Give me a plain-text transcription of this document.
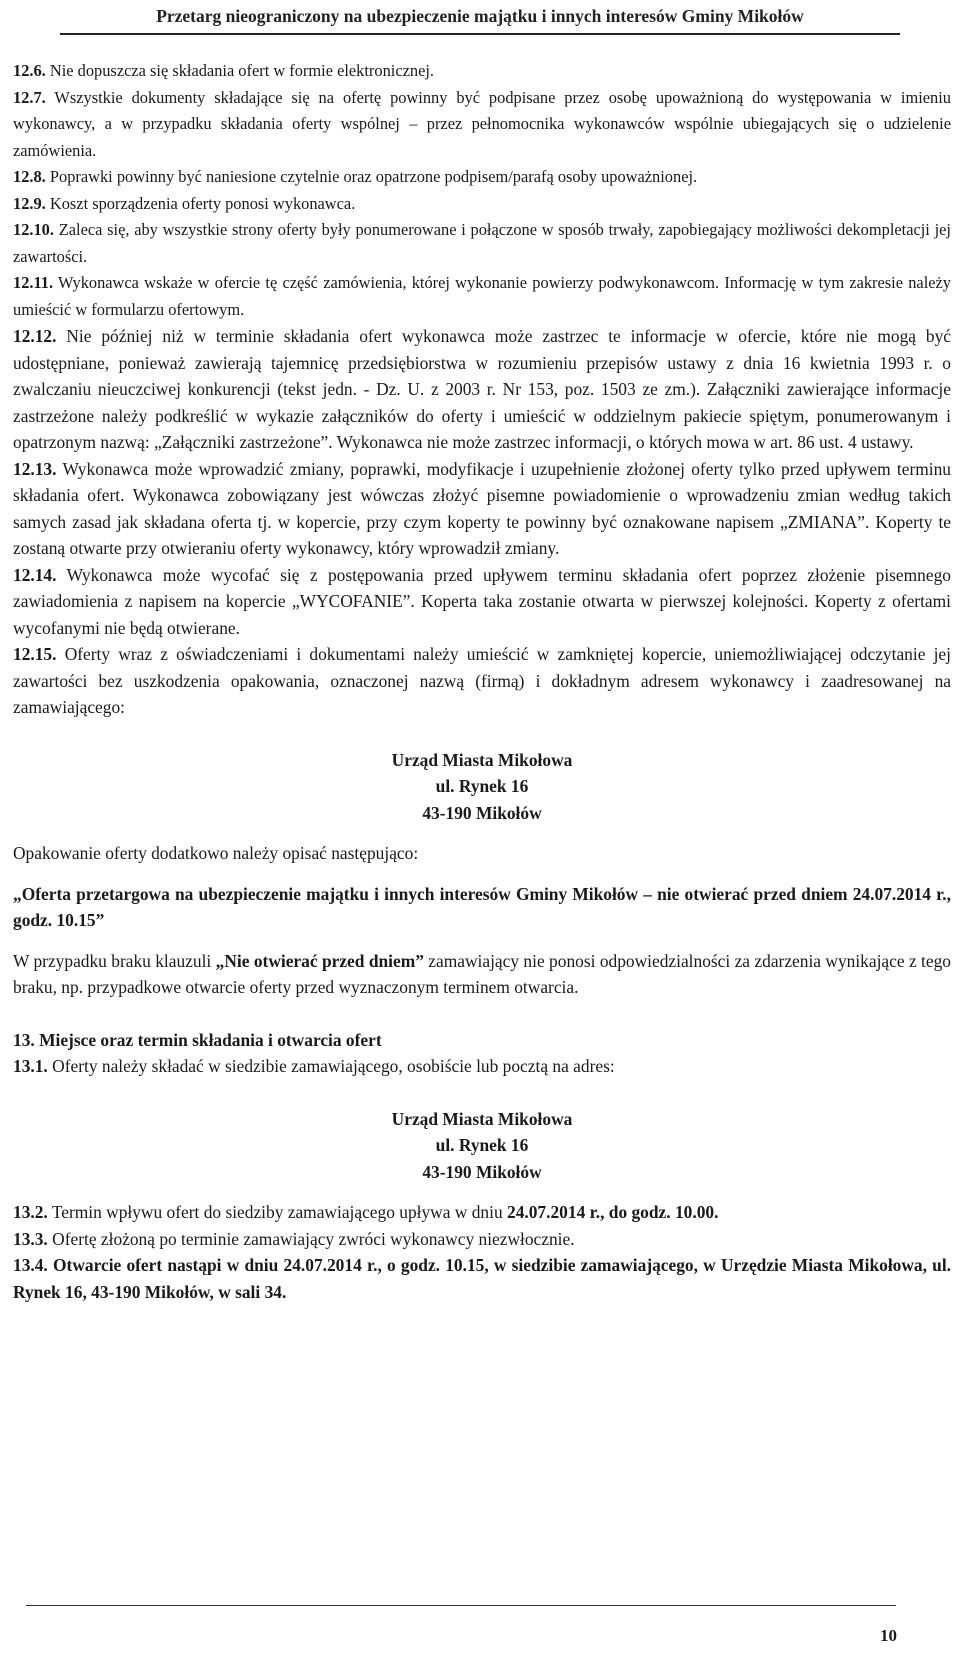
Przetarg nieograniczony na ubezpieczenie majątku i innych interesów Gminy Mikołów

12.6. Nie dopuszcza się składania ofert w formie elektronicznej.

12.7. Wszystkie dokumenty składające się na ofertę powinny być podpisane przez osobę upoważnioną do występowania w imieniu wykonawcy, a w przypadku składania oferty wspólnej – przez pełnomocnika wykonawców wspólnie ubiegających się o udzielenie zamówienia.

12.8. Poprawki powinny być naniesione czytelnie oraz opatrzone podpisem/parafą osoby upoważnionej.

12.9. Koszt sporządzenia oferty ponosi wykonawca.

12.10. Zaleca się, aby wszystkie strony oferty były ponumerowane i połączone w sposób trwały, zapobiegający możliwości dekompletacji jej zawartości.

12.11. Wykonawca wskaże w ofercie tę część zamówienia, której wykonanie powierzy podwykonawcom. Informację w tym zakresie należy umieścić w formularzu ofertowym.

12.12. Nie później niż w terminie składania ofert wykonawca może zastrzec te informacje w ofercie, które nie mogą być udostępniane, ponieważ zawierają tajemnicę przedsiębiorstwa w rozumieniu przepisów ustawy z dnia 16 kwietnia 1993 r. o zwalczaniu nieuczciwej konkurencji (tekst jedn. - Dz. U. z 2003 r. Nr 153, poz. 1503 ze zm.). Załączniki zawierające informacje zastrzeżone należy podkreślić w wykazie załączników do oferty i umieścić w oddzielnym pakiecie spiętym, ponumerowanym i opatrzonym nazwą: „Załączniki zastrzeżone”. Wykonawca nie może zastrzec informacji, o których mowa w art. 86 ust. 4 ustawy.

12.13. Wykonawca może wprowadzić zmiany, poprawki, modyfikacje i uzupełnienie złożonej oferty tylko przed upływem terminu składania ofert. Wykonawca zobowiązany jest wówczas złożyć pisemne powiadomienie o wprowadzeniu zmian według takich samych zasad jak składana oferta tj. w kopercie, przy czym koperty te powinny być oznakowane napisem „ZMIANA”. Koperty te zostaną otwarte przy otwieraniu oferty wykonawcy, który wprowadził zmiany.

12.14. Wykonawca może wycofać się z postępowania przed upływem terminu składania ofert poprzez złożenie pisemnego zawiadomienia z napisem na kopercie „WYCOFANIE”. Koperta taka zostanie otwarta w pierwszej kolejności. Koperty z ofertami wycofanymi nie będą otwierane.

12.15. Oferty wraz z oświadczeniami i dokumentami należy umieścić w zamkniętej kopercie, uniemożliwiającej odczytanie jej zawartości bez uszkodzenia opakowania, oznaczonej nazwą (firmą) i dokładnym adresem wykonawcy i zaadresowanej na zamawiającego:

Urząd Miasta Mikołowa
ul. Rynek 16
43-190 Mikołów

Opakowanie oferty dodatkowo należy opisać następująco:

„Oferta przetargowa na ubezpieczenie majątku i innych interesów Gminy Mikołów – nie otwierać przed dniem 24.07.2014 r., godz. 10.15”

W przypadku braku klauzuli „Nie otwierać przed dniem” zamawiający nie ponosi odpowiedzialności za zdarzenia wynikające z tego braku, np. przypadkowe otwarcie oferty przed wyznaczonym terminem otwarcia.

13. Miejsce oraz termin składania i otwarcia ofert

13.1. Oferty należy składać w siedzibie zamawiającego, osobiście lub pocztą na adres:

Urząd Miasta Mikołowa
ul. Rynek 16
43-190 Mikołów

13.2. Termin wpływu ofert do siedziby zamawiającego upływa w dniu 24.07.2014 r., do godz. 10.00.

13.3. Ofertę złożoną po terminie zamawiający zwróci wykonawcy niezwłocznie.

13.4. Otwarcie ofert nastąpi w dniu 24.07.2014 r., o godz. 10.15, w siedzibie zamawiającego, w Urzędzie Miasta Mikołowa, ul. Rynek 16, 43-190 Mikołów, w sali 34.

10
